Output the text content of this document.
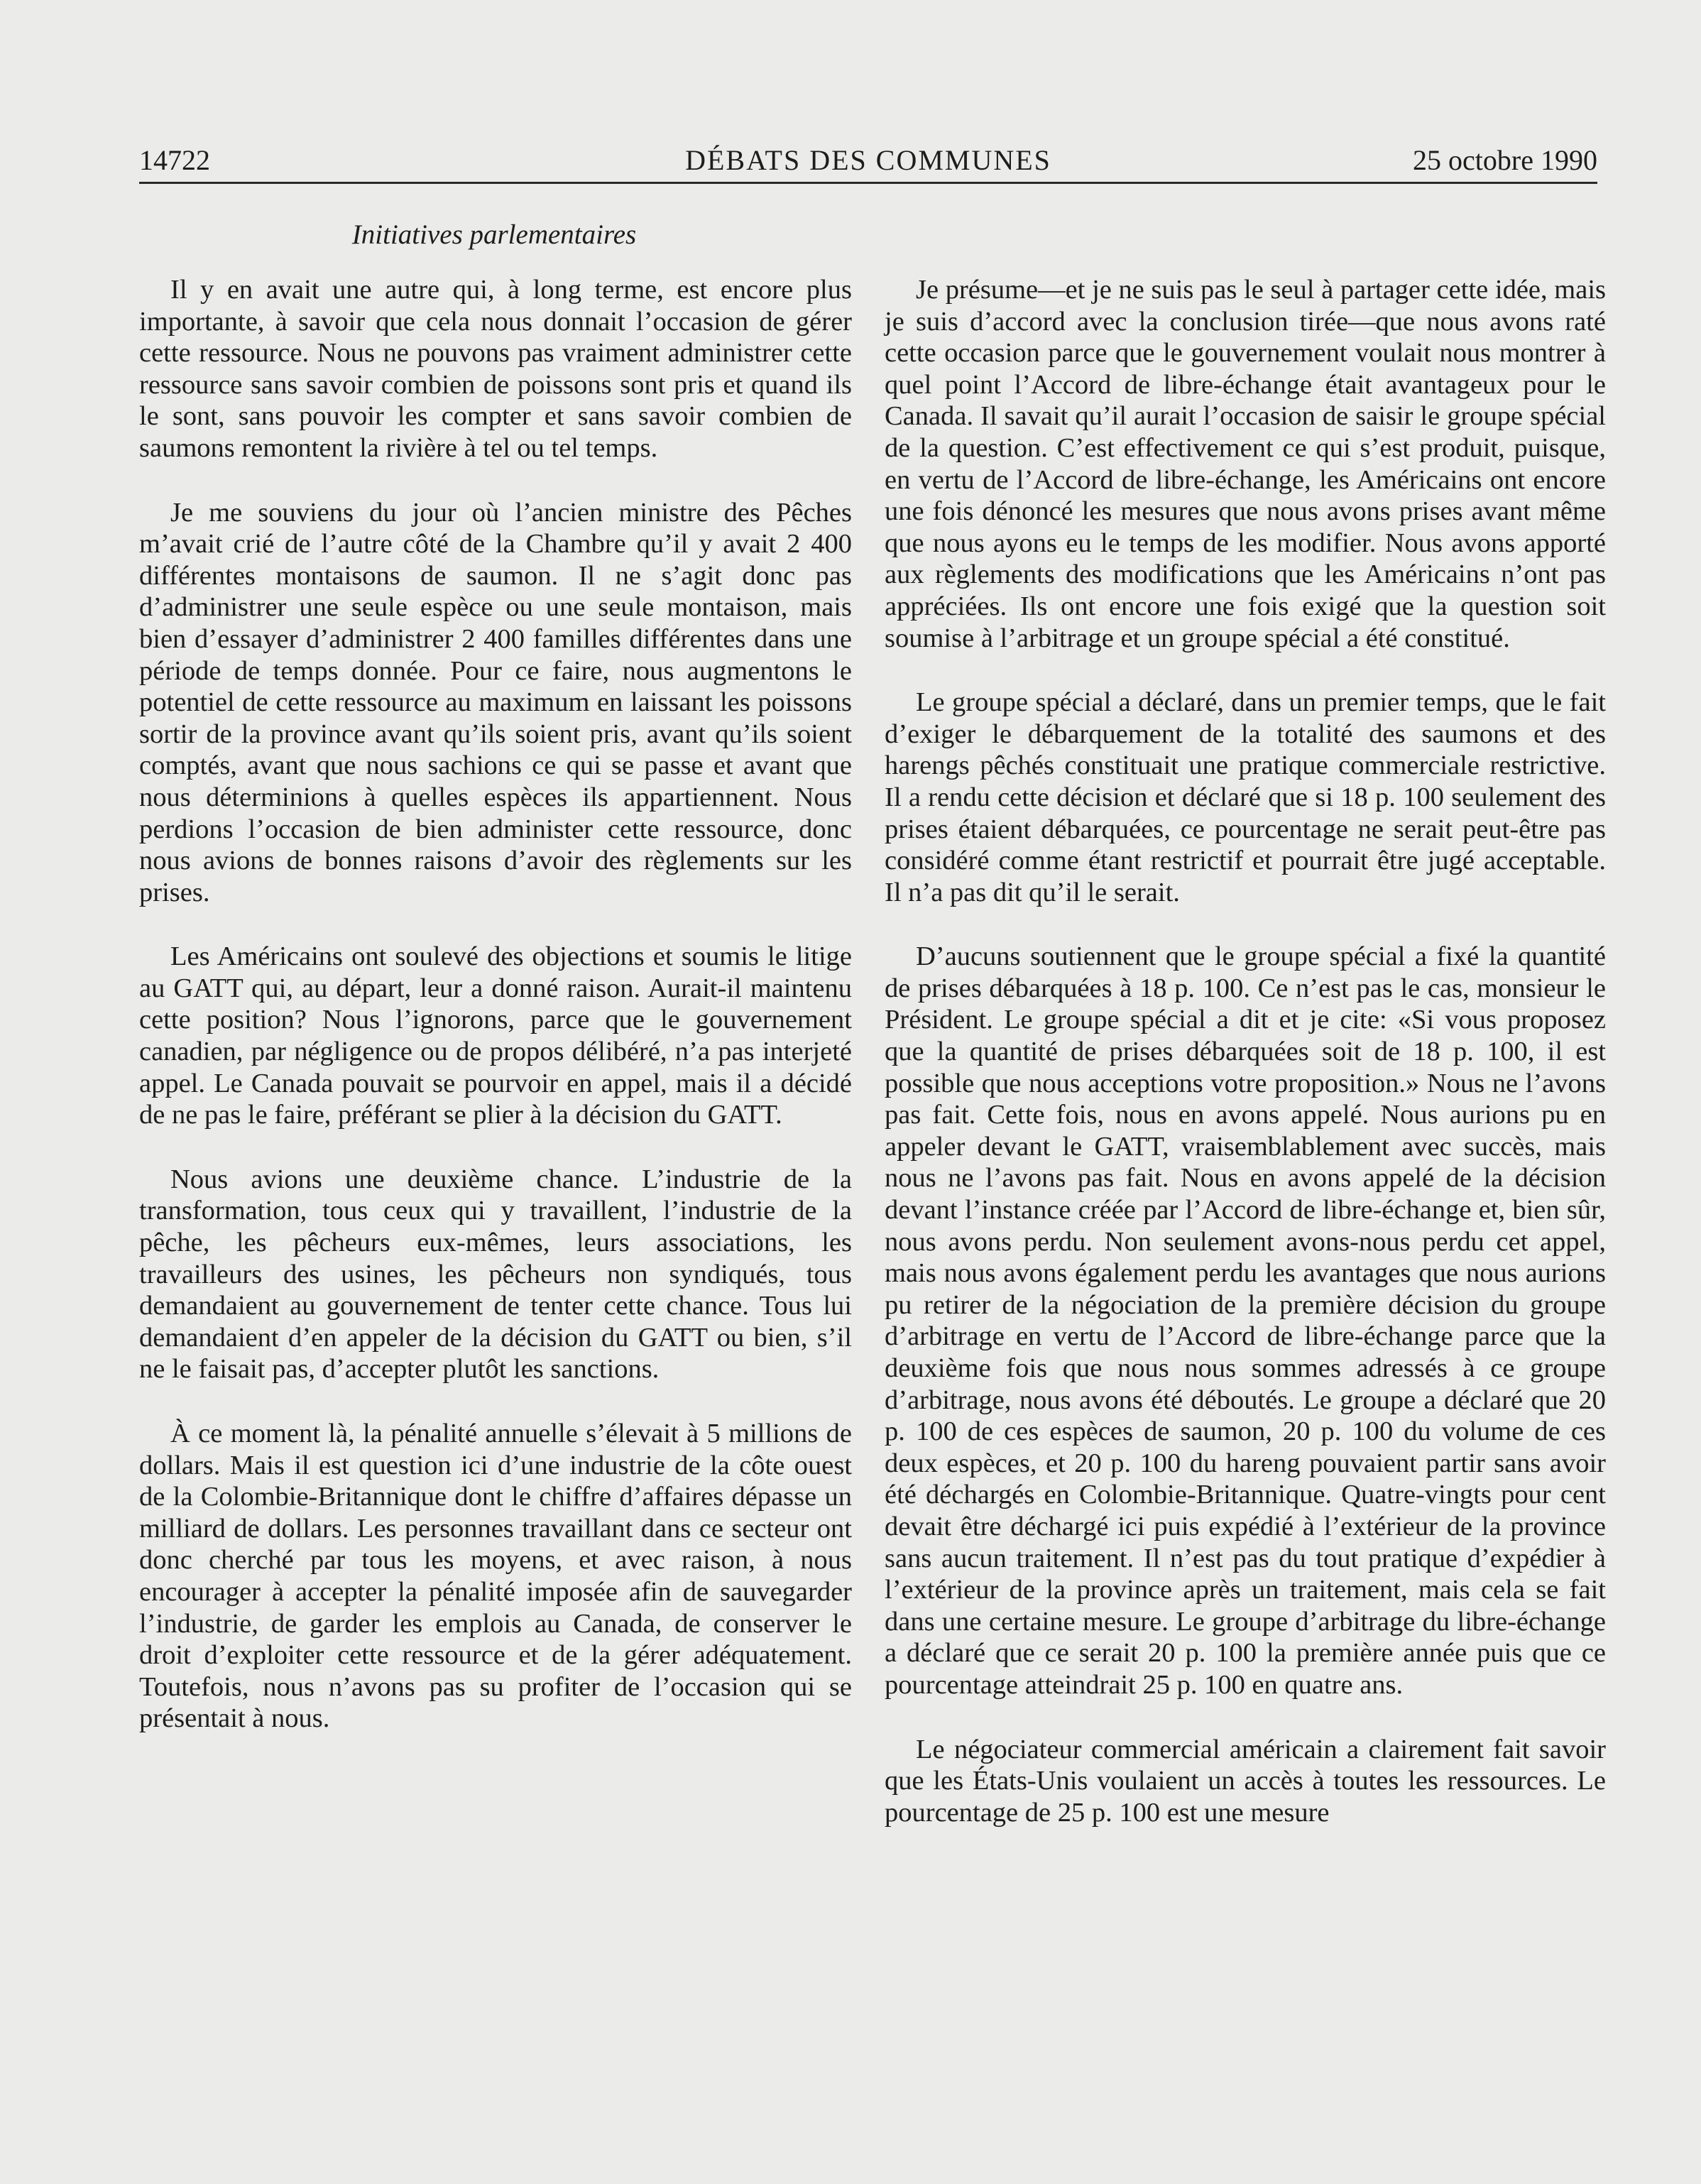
14722	DÉBATS DES COMMUNES	25 octobre 1990
Initiatives parlementaires

Il y en avait une autre qui, à long terme, est encore plus importante, à savoir que cela nous donnait l’occasion de gérer cette ressource. Nous ne pouvons pas vraiment administrer cette ressource sans savoir combien de poissons sont pris et quand ils le sont, sans pouvoir les compter et sans savoir combien de saumons remontent la rivière à tel ou tel temps.

Je me souviens du jour où l’ancien ministre des Pêches m’avait crié de l’autre côté de la Chambre qu’il y avait 2 400 différentes montaisons de saumon. Il ne s’agit donc pas d’administrer une seule espèce ou une seule montaison, mais bien d’essayer d’administrer 2 400 familles différentes dans une période de temps donnée. Pour ce faire, nous augmentons le potentiel de cette ressource au maximum en laissant les poissons sortir de la province avant qu’ils soient pris, avant qu’ils soient comptés, avant que nous sachions ce qui se passe et avant que nous déterminions à quelles espèces ils appartiennent. Nous perdions l’occasion de bien administer cette ressource, donc nous avions de bonnes raisons d’avoir des règlements sur les prises.

Les Américains ont soulevé des objections et soumis le litige au GATT qui, au départ, leur a donné raison. Aurait-il maintenu cette position? Nous l’ignorons, parce que le gouvernement canadien, par négligence ou de propos délibéré, n’a pas interjeté appel. Le Canada pouvait se pourvoir en appel, mais il a décidé de ne pas le faire, préférant se plier à la décision du GATT.

Nous avions une deuxième chance. L’industrie de la transformation, tous ceux qui y travaillent, l’industrie de la pêche, les pêcheurs eux-mêmes, leurs associations, les travailleurs des usines, les pêcheurs non syndiqués, tous demandaient au gouvernement de tenter cette chance. Tous lui demandaient d’en appeler de la décision du GATT ou bien, s’il ne le faisait pas, d’accepter plutôt les sanctions.

À ce moment là, la pénalité annuelle s’élevait à 5 millions de dollars. Mais il est question ici d’une industrie de la côte ouest de la Colombie-Britannique dont le chiffre d’affaires dépasse un milliard de dollars. Les personnes travaillant dans ce secteur ont donc cherché par tous les moyens, et avec raison, à nous encourager à accepter la pénalité imposée afin de sauvegarder l’industrie, de garder les emplois au Canada, de conserver le droit d’exploiter cette ressource et de la gérer adéquatement. Toutefois, nous n’avons pas su profiter de l’occasion qui se présentait à nous.

Je présume—et je ne suis pas le seul à partager cette idée, mais je suis d’accord avec la conclusion tirée—que nous avons raté cette occasion parce que le gouvernement voulait nous montrer à quel point l’Accord de libre-échange était avantageux pour le Canada. Il savait qu’il aurait l’occasion de saisir le groupe spécial de la question. C’est effectivement ce qui s’est produit, puisque, en vertu de l’Accord de libre-échange, les Américains ont encore une fois dénoncé les mesures que nous avons prises avant même que nous ayons eu le temps de les modifier. Nous avons apporté aux règlements des modifications que les Américains n’ont pas appréciées. Ils ont encore une fois exigé que la question soit soumise à l’arbitrage et un groupe spécial a été constitué.

Le groupe spécial a déclaré, dans un premier temps, que le fait d’exiger le débarquement de la totalité des saumons et des harengs pêchés constituait une pratique commerciale restrictive. Il a rendu cette décision et déclaré que si 18 p. 100 seulement des prises étaient débarquées, ce pourcentage ne serait peut-être pas considéré comme étant restrictif et pourrait être jugé acceptable. Il n’a pas dit qu’il le serait.

D’aucuns soutiennent que le groupe spécial a fixé la quantité de prises débarquées à 18 p. 100. Ce n’est pas le cas, monsieur le Président. Le groupe spécial a dit et je cite: «Si vous proposez que la quantité de prises débarquées soit de 18 p. 100, il est possible que nous acceptions votre proposition.» Nous ne l’avons pas fait. Cette fois, nous en avons appelé. Nous aurions pu en appeler devant le GATT, vraisemblablement avec succès, mais nous ne l’avons pas fait. Nous en avons appelé de la décision devant l’instance créée par l’Accord de libre-échange et, bien sûr, nous avons perdu. Non seulement avons-nous perdu cet appel, mais nous avons également perdu les avantages que nous aurions pu retirer de la négociation de la première décision du groupe d’arbitrage en vertu de l’Accord de libre-échange parce que la deuxième fois que nous nous sommes adressés à ce groupe d’arbitrage, nous avons été déboutés. Le groupe a déclaré que 20 p. 100 de ces espèces de saumon, 20 p. 100 du volume de ces deux espèces, et 20 p. 100 du hareng pouvaient partir sans avoir été déchargés en Colombie-Britannique. Quatre-vingts pour cent devait être déchargé ici puis expédié à l’extérieur de la province sans aucun traitement. Il n’est pas du tout pratique d’expédier à l’extérieur de la province après un traitement, mais cela se fait dans une certaine mesure. Le groupe d’arbitrage du libre-échange a déclaré que ce serait 20 p. 100 la première année puis que ce pourcentage atteindrait 25 p. 100 en quatre ans.

Le négociateur commercial américain a clairement fait savoir que les États-Unis voulaient un accès à toutes les ressources. Le pourcentage de 25 p. 100 est une mesure
